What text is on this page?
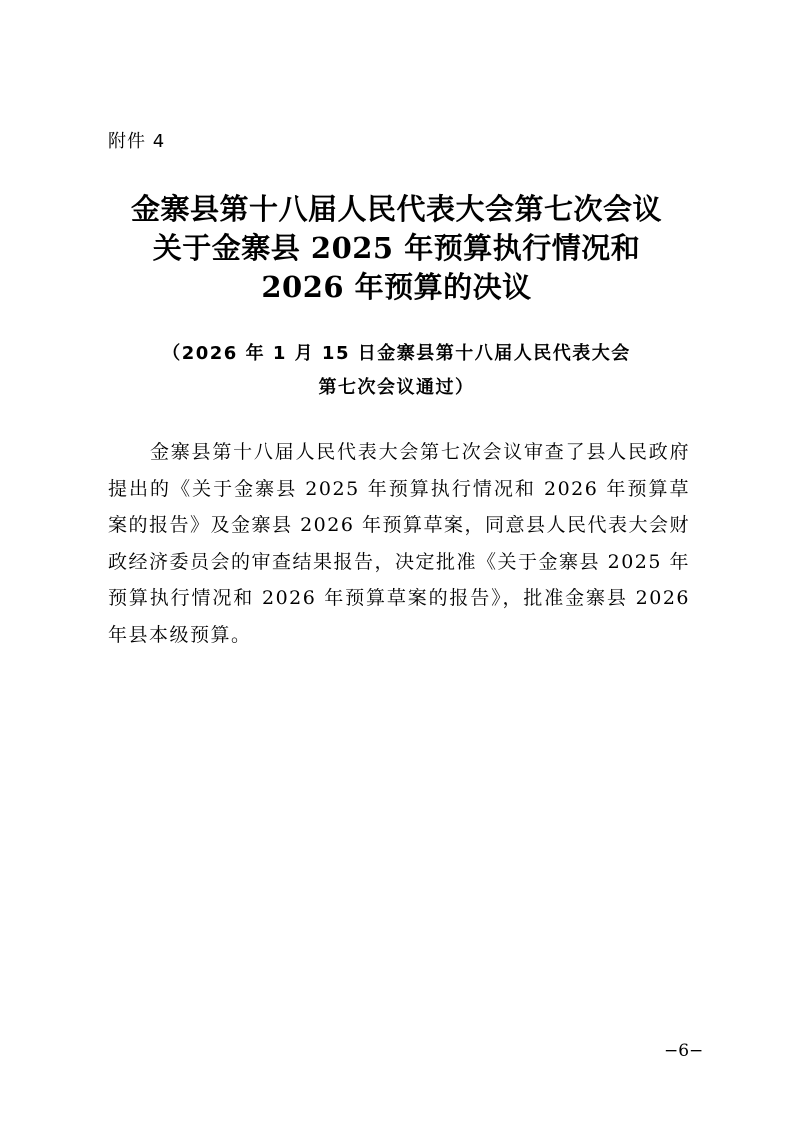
附件 4
金寨县第十八届人民代表大会第七次会议
关于金寨县 2025 年预算执行情况和
2026 年预算的决议
（2026 年 1 月 15 日金寨县第十八届人民代表大会
第七次会议通过）
金寨县第十八届人民代表大会第七次会议审查了县人民政府提出的《关于金寨县 2025 年预算执行情况和 2026 年预算草案的报告》及金寨县 2026 年预算草案，同意县人民代表大会财政经济委员会的审查结果报告，决定批准《关于金寨县 2025 年预算执行情况和 2026 年预算草案的报告》，批准金寨县 2026 年县本级预算。
−6−
